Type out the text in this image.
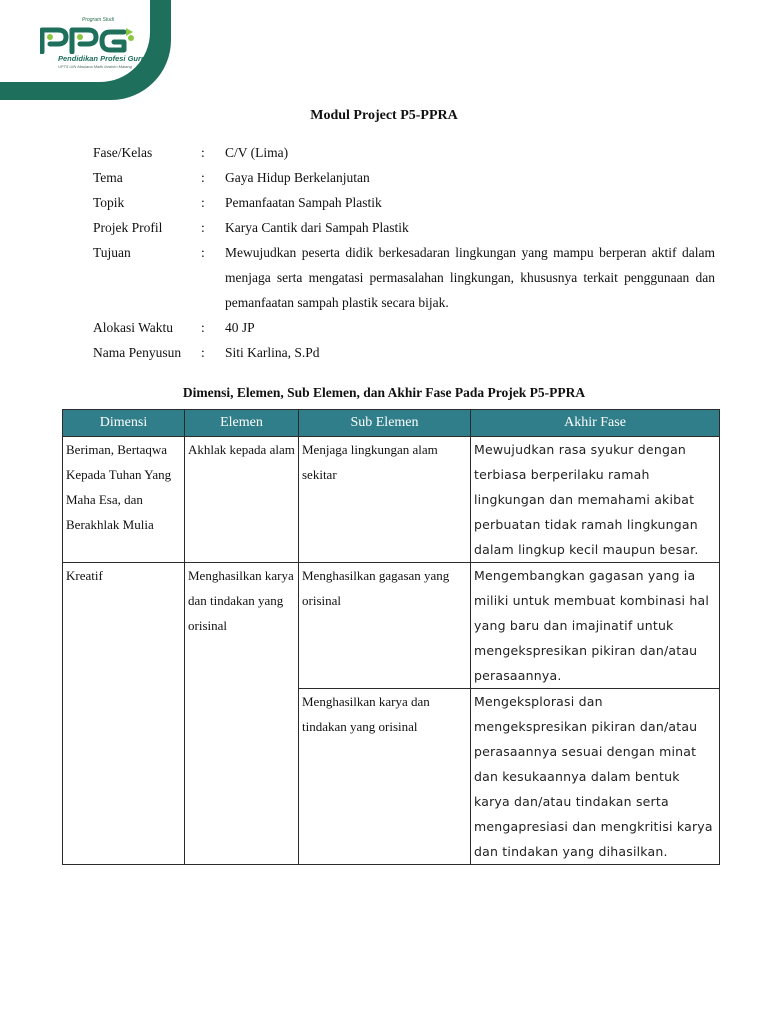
Program Studi
Pendidikan Profesi Guru
UPT5 UIN Maulana Malik Ibrahim Malang
Modul Project P5-PPRA
Fase/Kelas	: C/V (Lima)
Tema	: Gaya Hidup Berkelanjutan
Topik	: Pemanfaatan Sampah Plastik
Projek Profil	: Karya Cantik dari Sampah Plastik
Tujuan	: Mewujudkan peserta didik berkesadaran lingkungan yang mampu berperan aktif dalam menjaga serta mengatasi permasalahan lingkungan, khususnya terkait penggunaan dan pemanfaatan sampah plastik secara bijak.
Alokasi Waktu : 40 JP
Nama Penyusun : Siti Karlina, S.Pd
Dimensi, Elemen, Sub Elemen, dan Akhir Fase Pada Projek P5-PPRA
Dimensi	Elemen	Sub Elemen	Akhir Fase
Beriman, Bertaqwa Kepada Tuhan Yang Maha Esa, dan Berakhlak Mulia	Akhlak kepada alam	Menjaga lingkungan alam sekitar	Mewujudkan rasa syukur dengan terbiasa berperilaku ramah lingkungan dan memahami akibat perbuatan tidak ramah lingkungan dalam lingkup kecil maupun besar.
Kreatif	Menghasilkan karya dan tindakan yang orisinal	Menghasilkan gagasan yang orisinal	Mengembangkan gagasan yang ia miliki untuk membuat kombinasi hal yang baru dan imajinatif untuk mengekspresikan pikiran dan/atau perasaannya.
		Menghasilkan karya dan tindakan yang orisinal	Mengeksplorasi dan mengekspresikan pikiran dan/atau perasaannya sesuai dengan minat dan kesukaannya dalam bentuk karya dan/atau tindakan serta mengapresiasi dan mengkritisi karya dan tindakan yang dihasilkan.
